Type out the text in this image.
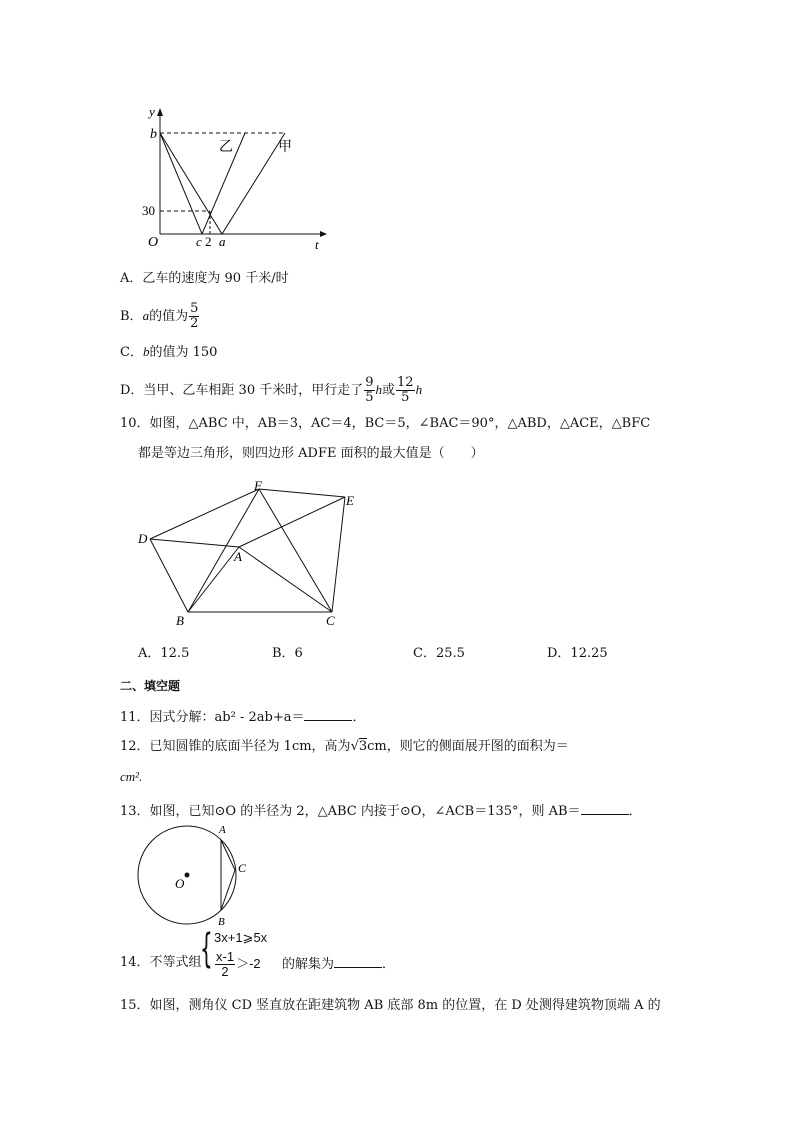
y
t
O
b
30
c 2 a
乙	甲
A．乙车的速度为 90 千米/时
B．a的值为 $\frac{5}{2}$
C．b的值为 150
D．当甲、乙车相距 30 千米时，甲行走了 $\frac{9}{5}$ h或 $\frac{12}{5}$ h
10．如图，△ABC 中，AB＝3，AC＝4，BC＝5，∠BAC＝90°，△ABD，△ACE，△BFC
都是等边三角形，则四边形 ADFE 面积的最大值是（　　）
F
E
D
A
B	C
A．12.5	B．6	C．25.5	D．12.25
二、填空题
11．因式分解：ab² - 2ab+a＝	．
12．已知圆锥的底面半径为 1cm，高为√3cm，则它的侧面展开图的面积为＝
cm².
13．如图，已知⊙O 的半径为 2，△ABC 内接于⊙O，∠ACB＝135°，则 AB＝	．
A
C
B
O
14．不等式组
{ 3x+1⩾5x
$\frac{x-1}{2} >-2$ 的解集为	．
15．如图，测角仪 CD 竖直放在距建筑物 AB 底部 8m 的位置，在 D 处测得建筑物顶端 A 的
